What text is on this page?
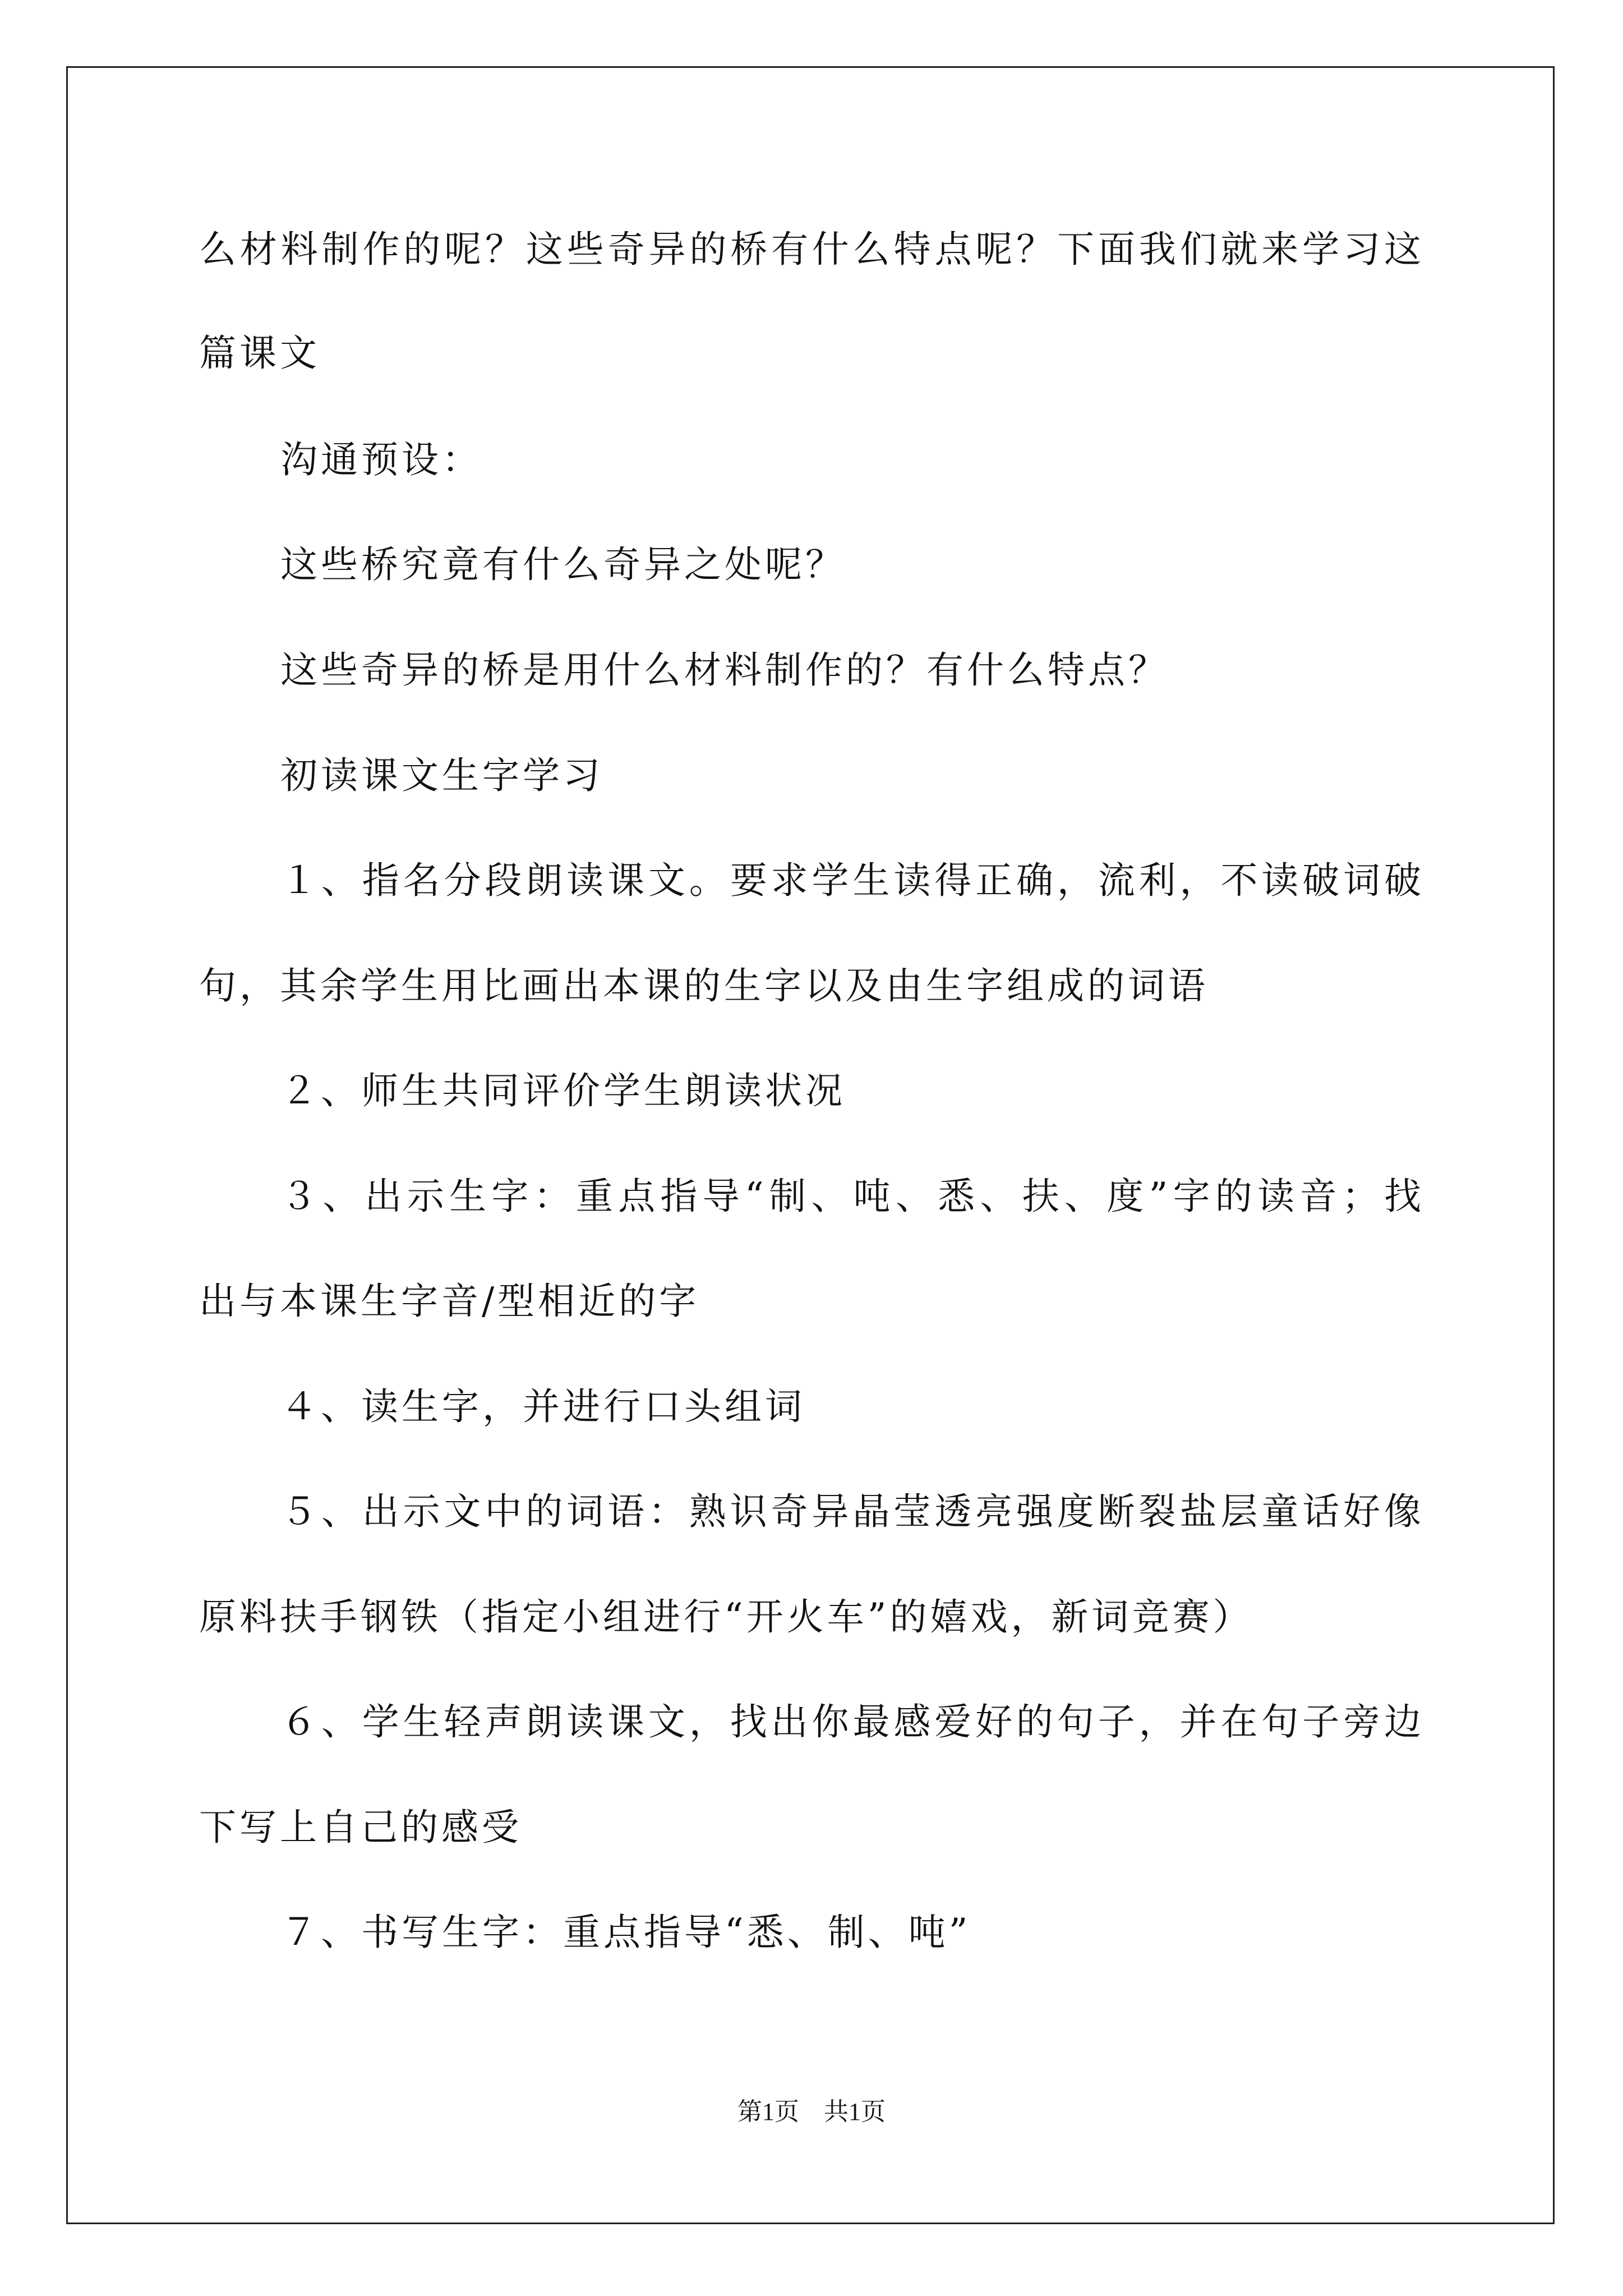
么材料制作的呢？这些奇异的桥有什么特点呢？下面我们就来学习这
篇课文
沟通预设：
这些桥究竟有什么奇异之处呢？
这些奇异的桥是用什么材料制作的？有什么特点？
初读课文生字学习
１、指名分段朗读课文。要求学生读得正确，流利，不读破词破
句，其余学生用比画出本课的生字以及由生字组成的词语
２、师生共同评价学生朗读状况
３、出示生字：重点指导“制、吨、悉、扶、度”字的读音；找
出与本课生字音/型相近的字
４、读生字，并进行口头组词
５、出示文中的词语：熟识奇异晶莹透亮强度断裂盐层童话好像
原料扶手钢铁（指定小组进行“开火车”的嬉戏，新词竞赛）
６、学生轻声朗读课文，找出你最感爱好的句子，并在句子旁边
下写上自己的感受
７、书写生字：重点指导“悉、制、吨”
第1页　共1页
